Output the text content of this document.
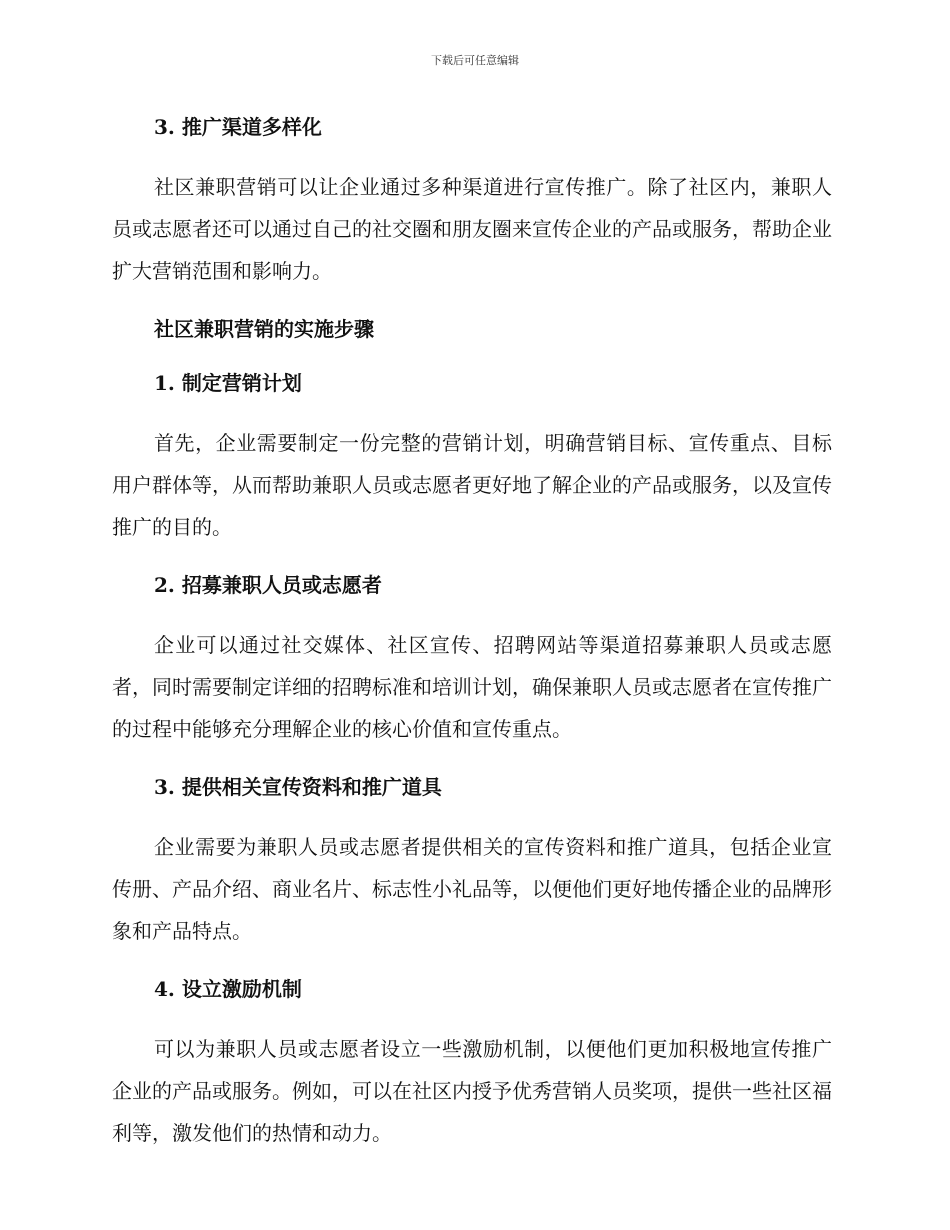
下载后可任意编辑
3. 推广渠道多样化

社区兼职营销可以让企业通过多种渠道进行宣传推广。除了社区内，兼职人员或志愿者还可以通过自己的社交圈和朋友圈来宣传企业的产品或服务，帮助企业扩大营销范围和影响力。

社区兼职营销的实施步骤
1. 制定营销计划

首先，企业需要制定一份完整的营销计划，明确营销目标、宣传重点、目标用户群体等，从而帮助兼职人员或志愿者更好地了解企业的产品或服务，以及宣传推广的目的。

2. 招募兼职人员或志愿者

企业可以通过社交媒体、社区宣传、招聘网站等渠道招募兼职人员或志愿者，同时需要制定详细的招聘标准和培训计划，确保兼职人员或志愿者在宣传推广的过程中能够充分理解企业的核心价值和宣传重点。

3. 提供相关宣传资料和推广道具

企业需要为兼职人员或志愿者提供相关的宣传资料和推广道具，包括企业宣传册、产品介绍、商业名片、标志性小礼品等，以便他们更好地传播企业的品牌形象和产品特点。

4. 设立激励机制

可以为兼职人员或志愿者设立一些激励机制，以便他们更加积极地宣传推广企业的产品或服务。例如，可以在社区内授予优秀营销人员奖项，提供一些社区福利等，激发他们的热情和动力。
